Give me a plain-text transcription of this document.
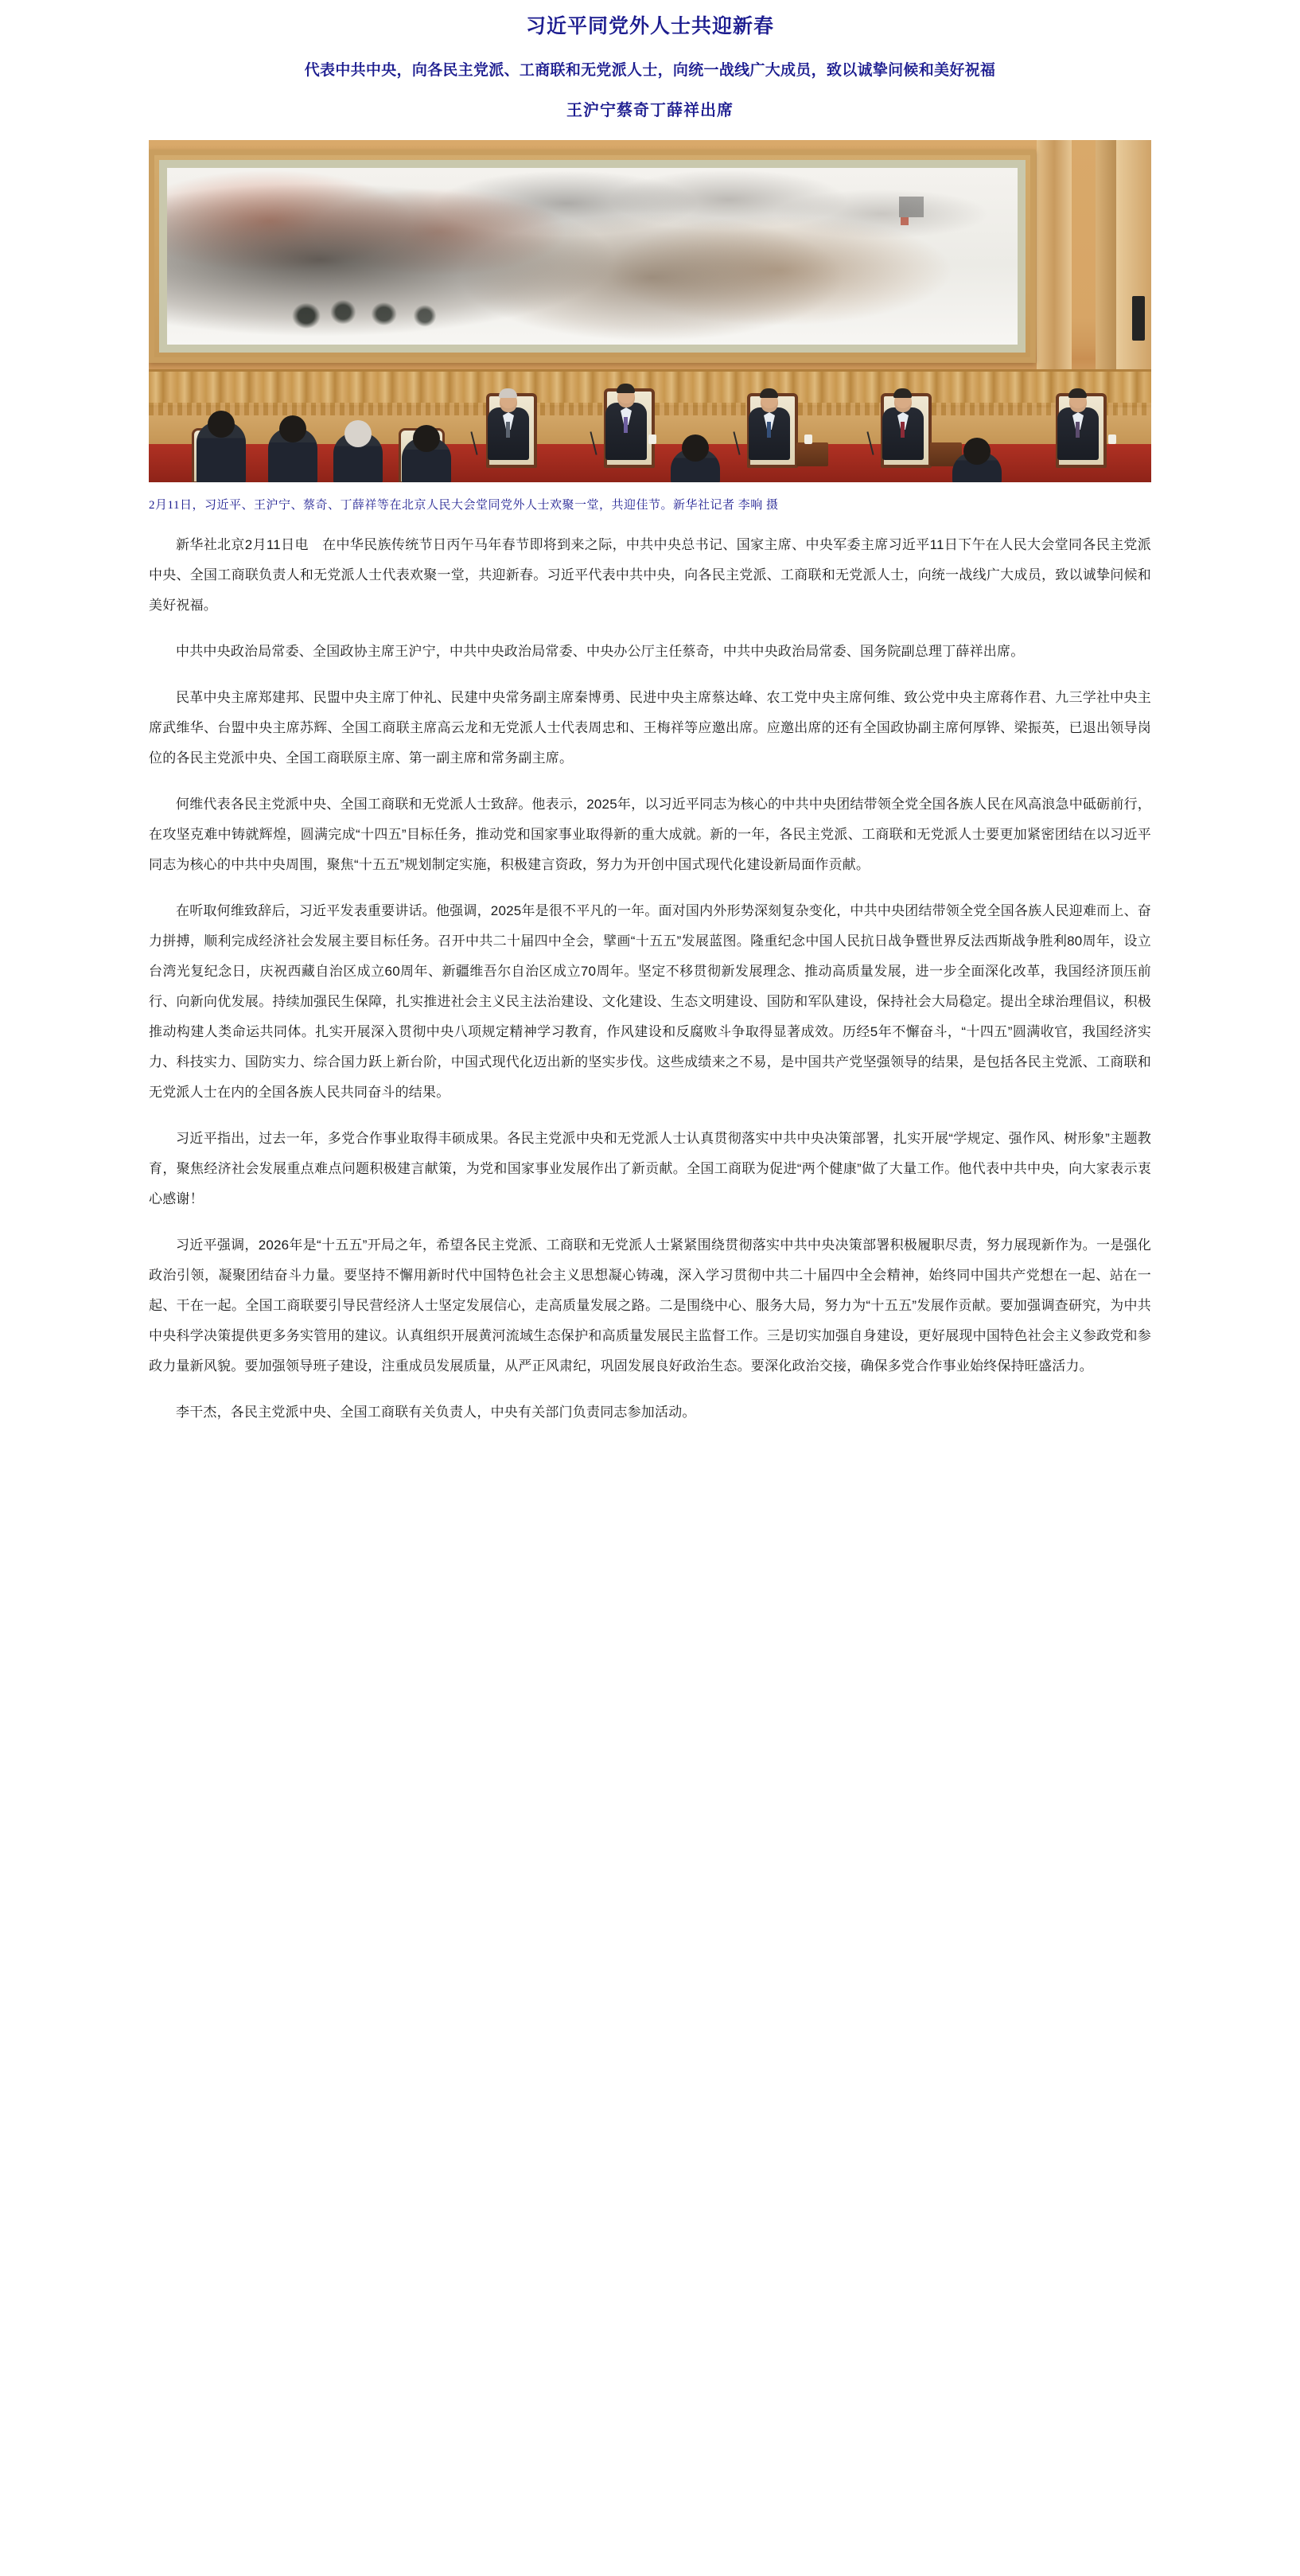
习近平同党外人士共迎新春
代表中共中央，向各民主党派、工商联和无党派人士，向统一战线广大成员，致以诚挚问候和美好祝福
王沪宁蔡奇丁薛祥出席
2月11日，习近平、王沪宁、蔡奇、丁薛祥等在北京人民大会堂同党外人士欢聚一堂，共迎佳节。新华社记者 李响 摄

新华社北京2月11日电　在中华民族传统节日丙午马年春节即将到来之际，中共中央总书记、国家主席、中央军委主席习近平11日下午在人民大会堂同各民主党派中央、全国工商联负责人和无党派人士代表欢聚一堂，共迎新春。习近平代表中共中央，向各民主党派、工商联和无党派人士，向统一战线广大成员，致以诚挚问候和美好祝福。

中共中央政治局常委、全国政协主席王沪宁，中共中央政治局常委、中央办公厅主任蔡奇，中共中央政治局常委、国务院副总理丁薛祥出席。

民革中央主席郑建邦、民盟中央主席丁仲礼、民建中央常务副主席秦博勇、民进中央主席蔡达峰、农工党中央主席何维、致公党中央主席蒋作君、九三学社中央主席武维华、台盟中央主席苏辉、全国工商联主席高云龙和无党派人士代表周忠和、王梅祥等应邀出席。应邀出席的还有全国政协副主席何厚铧、梁振英，已退出领导岗位的各民主党派中央、全国工商联原主席、第一副主席和常务副主席。

何维代表各民主党派中央、全国工商联和无党派人士致辞。他表示，2025年，以习近平同志为核心的中共中央团结带领全党全国各族人民在风高浪急中砥砺前行，在攻坚克难中铸就辉煌，圆满完成“十四五”目标任务，推动党和国家事业取得新的重大成就。新的一年，各民主党派、工商联和无党派人士要更加紧密团结在以习近平同志为核心的中共中央周围，聚焦“十五五”规划制定实施，积极建言资政，努力为开创中国式现代化建设新局面作贡献。

在听取何维致辞后，习近平发表重要讲话。他强调，2025年是很不平凡的一年。面对国内外形势深刻复杂变化，中共中央团结带领全党全国各族人民迎难而上、奋力拼搏，顺利完成经济社会发展主要目标任务。召开中共二十届四中全会，擘画“十五五”发展蓝图。隆重纪念中国人民抗日战争暨世界反法西斯战争胜利80周年，设立台湾光复纪念日，庆祝西藏自治区成立60周年、新疆维吾尔自治区成立70周年。坚定不移贯彻新发展理念、推动高质量发展，进一步全面深化改革，我国经济顶压前行、向新向优发展。持续加强民生保障，扎实推进社会主义民主法治建设、文化建设、生态文明建设、国防和军队建设，保持社会大局稳定。提出全球治理倡议，积极推动构建人类命运共同体。扎实开展深入贯彻中央八项规定精神学习教育，作风建设和反腐败斗争取得显著成效。历经5年不懈奋斗，“十四五”圆满收官，我国经济实力、科技实力、国防实力、综合国力跃上新台阶，中国式现代化迈出新的坚实步伐。这些成绩来之不易，是中国共产党坚强领导的结果，是包括各民主党派、工商联和无党派人士在内的全国各族人民共同奋斗的结果。

习近平指出，过去一年，多党合作事业取得丰硕成果。各民主党派中央和无党派人士认真贯彻落实中共中央决策部署，扎实开展“学规定、强作风、树形象”主题教育，聚焦经济社会发展重点难点问题积极建言献策，为党和国家事业发展作出了新贡献。全国工商联为促进“两个健康”做了大量工作。他代表中共中央，向大家表示衷心感谢！

习近平强调，2026年是“十五五”开局之年，希望各民主党派、工商联和无党派人士紧紧围绕贯彻落实中共中央决策部署积极履职尽责，努力展现新作为。一是强化政治引领，凝聚团结奋斗力量。要坚持不懈用新时代中国特色社会主义思想凝心铸魂，深入学习贯彻中共二十届四中全会精神，始终同中国共产党想在一起、站在一起、干在一起。全国工商联要引导民营经济人士坚定发展信心，走高质量发展之路。二是围绕中心、服务大局，努力为“十五五”发展作贡献。要加强调查研究，为中共中央科学决策提供更多务实管用的建议。认真组织开展黄河流域生态保护和高质量发展民主监督工作。三是切实加强自身建设，更好展现中国特色社会主义参政党和参政力量新风貌。要加强领导班子建设，注重成员发展质量，从严正风肃纪，巩固发展良好政治生态。要深化政治交接，确保多党合作事业始终保持旺盛活力。

李干杰，各民主党派中央、全国工商联有关负责人，中央有关部门负责同志参加活动。
